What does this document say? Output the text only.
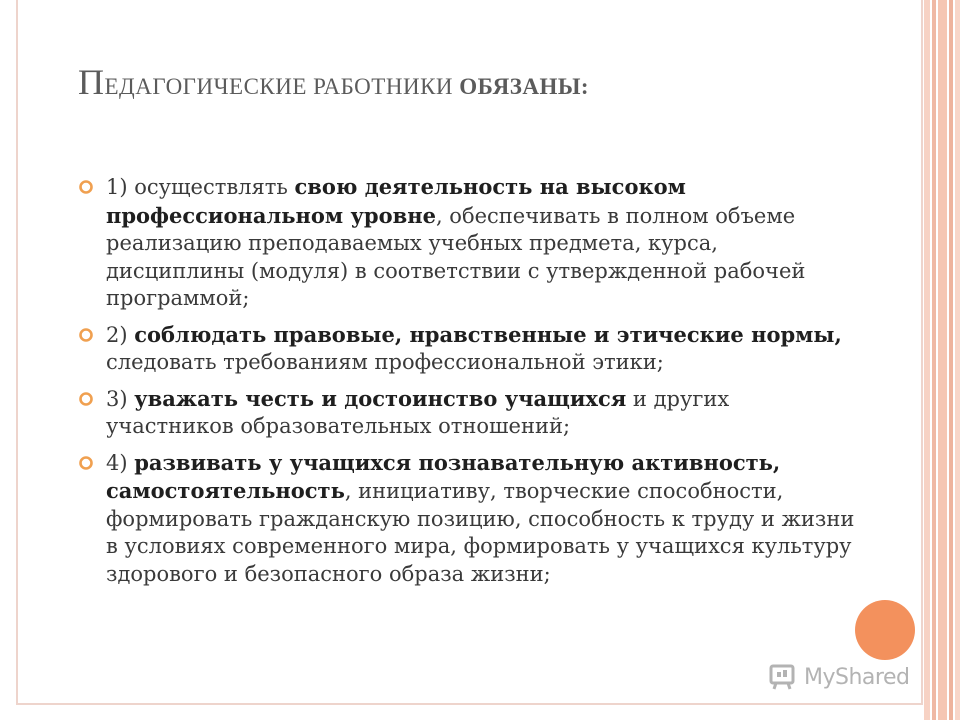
ПЕДАГОГИЧЕСКИЕ РАБОТНИКИ ОБЯЗАНЫ:
1) осуществлять свою деятельность на высоком профессиональном уровне, обеспечивать в полном объеме реализацию преподаваемых учебных предмета, курса, дисциплины (модуля) в соответствии с утвержденной рабочей программой;
2) соблюдать правовые, нравственные и этические нормы, следовать требованиям профессиональной этики;
3) уважать честь и достоинство учащихся и других участников образовательных отношений;
4) развивать у учащихся познавательную активность, самостоятельность, инициативу, творческие способности, формировать гражданскую позицию, способность к труду и жизни в условиях современного мира, формировать у учащихся культуру здорового и безопасного образа жизни;
MyShared
